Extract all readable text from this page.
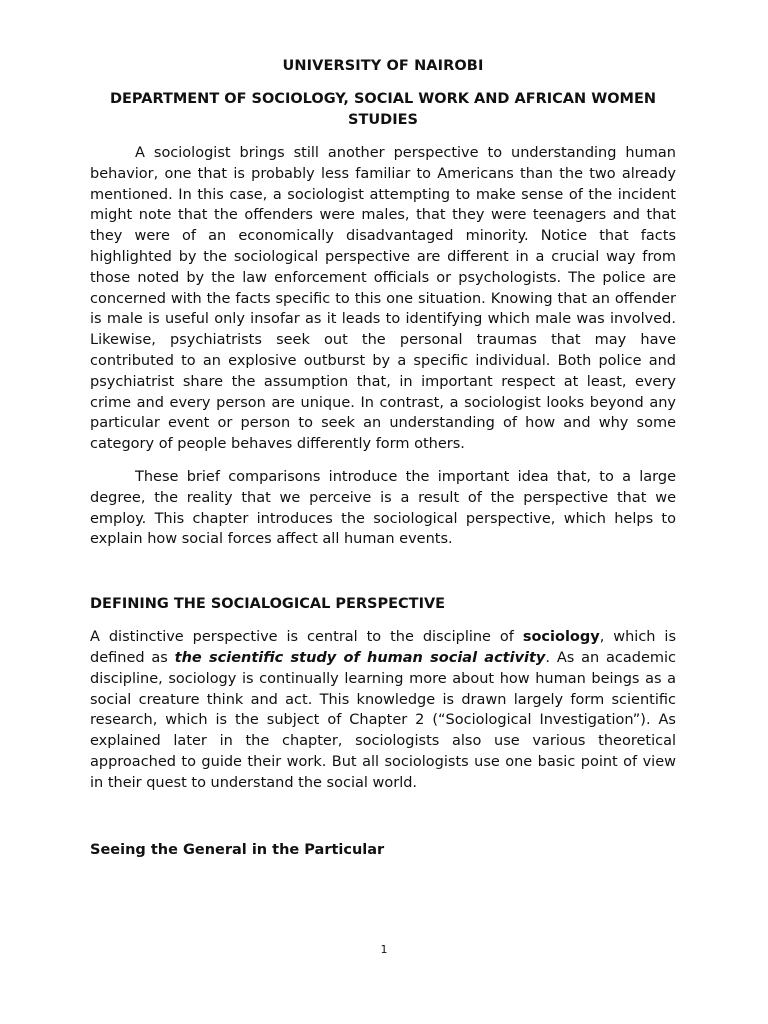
UNIVERSITY OF NAIROBI
DEPARTMENT OF SOCIOLOGY, SOCIAL WORK AND AFRICAN WOMEN STUDIES

A sociologist brings still another perspective to understanding human behavior, one that is probably less familiar to Americans than the two already mentioned. In this case, a sociologist attempting to make sense of the incident might note that the offenders were males, that they were teenagers and that they were of an economically disadvantaged minority. Notice that facts highlighted by the sociological perspective are different in a crucial way from those noted by the law enforcement officials or psychologists. The police are concerned with the facts specific to this one situation. Knowing that an offender is male is useful only insofar as it leads to identifying which male was involved. Likewise, psychiatrists seek out the personal traumas that may have contributed to an explosive outburst by a specific individual. Both police and psychiatrist share the assumption that, in important respect at least, every crime and every person are unique. In contrast, a sociologist looks beyond any particular event or person to seek an understanding of how and why some category of people behaves differently form others.

These brief comparisons introduce the important idea that, to a large degree, the reality that we perceive is a result of the perspective that we employ. This chapter introduces the sociological perspective, which helps to explain how social forces affect all human events.

DEFINING THE SOCIALOGICAL PERSPECTIVE

A distinctive perspective is central to the discipline of sociology, which is defined as the scientific study of human social activity. As an academic discipline, sociology is continually learning more about how human beings as a social creature think and act. This knowledge is drawn largely form scientific research, which is the subject of Chapter 2 (“Sociological Investigation”). As explained later in the chapter, sociologists also use various theoretical approached to guide their work. But all sociologists use one basic point of view in their quest to understand the social world.

Seeing the General in the Particular
1
